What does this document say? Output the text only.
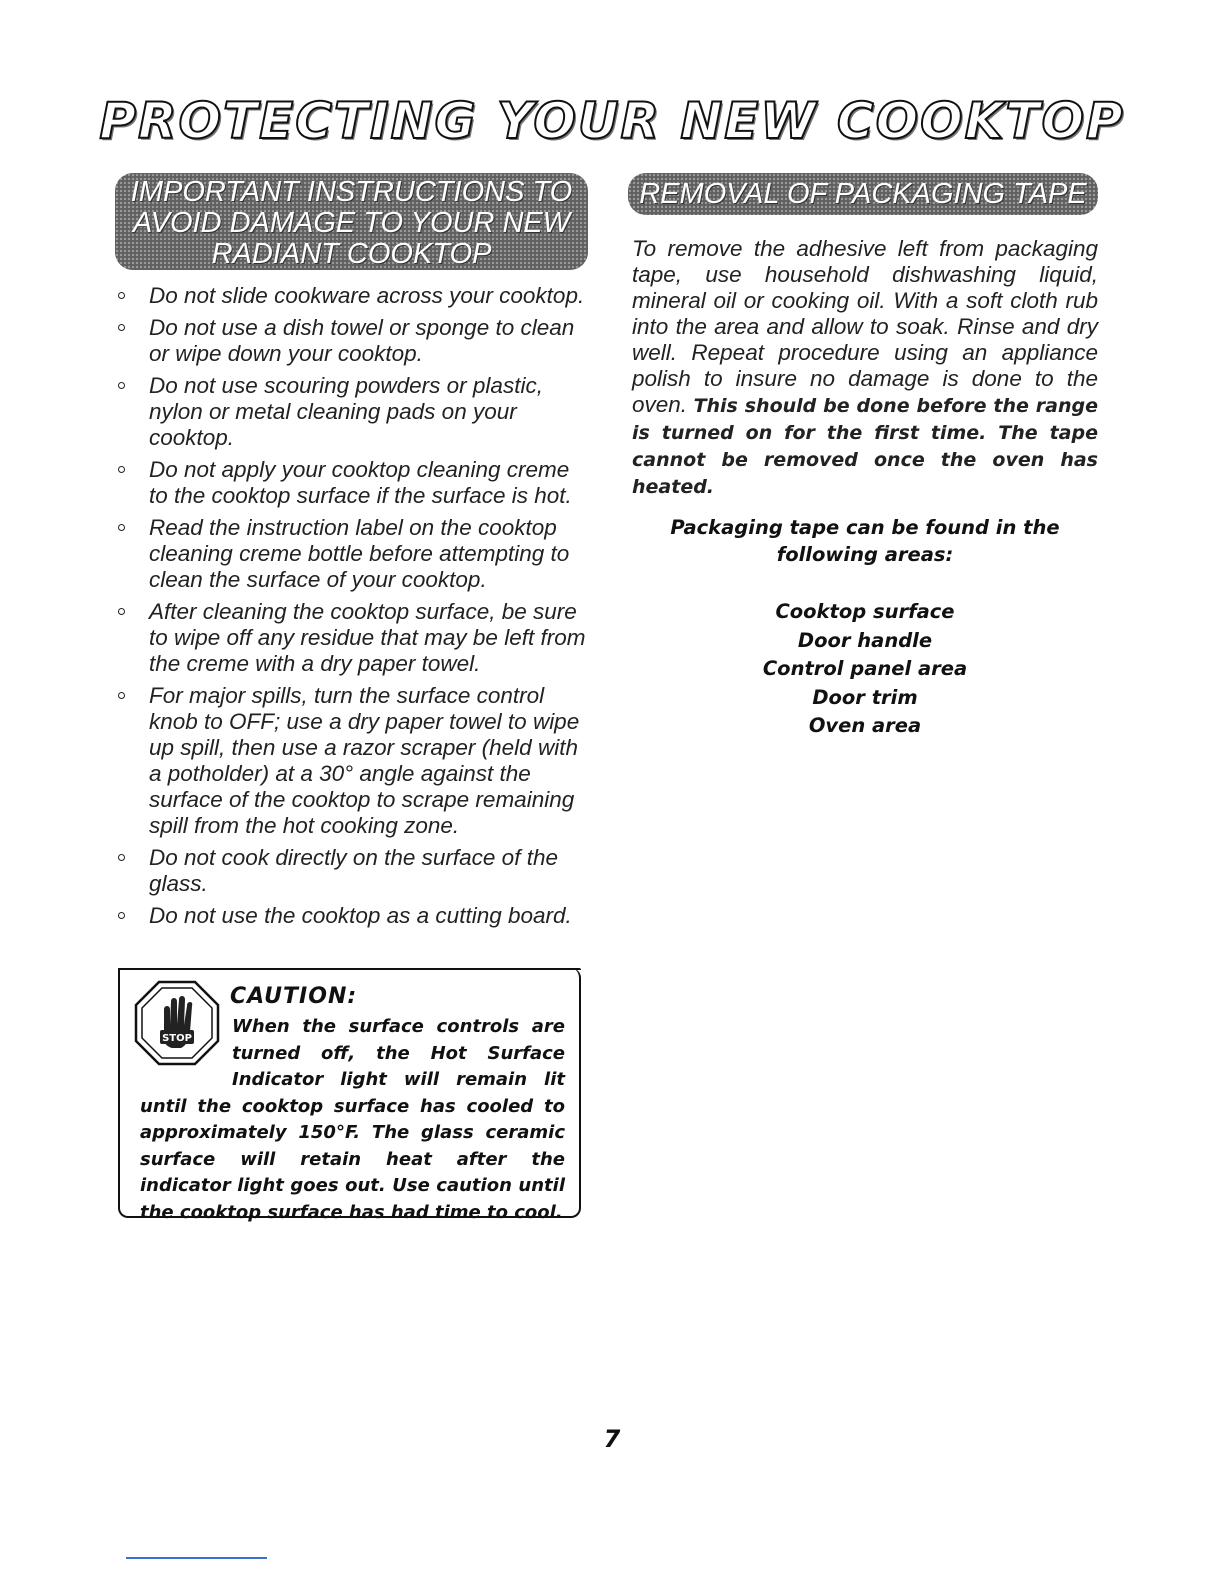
PROTECTING YOUR NEW COOKTOP
IMPORTANT INSTRUCTIONS TO
AVOID DAMAGE TO YOUR NEW
RADIANT COOKTOP
Do not slide cookware across your cooktop.
Do not use a dish towel or sponge to clean or wipe down your cooktop.
Do not use scouring powders or plastic, nylon or metal cleaning pads on your cooktop.
Do not apply your cooktop cleaning creme to the cooktop surface if the surface is hot.
Read the instruction label on the cooktop cleaning creme bottle before attempting to clean the surface of your cooktop.
After cleaning the cooktop surface, be sure to wipe off any residue that may be left from the creme with a dry paper towel.
For major spills, turn the surface control knob to OFF; use a dry paper towel to wipe up spill, then use a razor scraper (held with a potholder) at a 30° angle against the surface of the cooktop to scrape remaining spill from the hot cooking zone.
Do not cook directly on the surface of the glass.
Do not use the cooktop as a cutting board.
REMOVAL OF PACKAGING TAPE

To remove the adhesive left from packaging tape, use household dishwashing liquid, mineral oil or cooking oil. With a soft cloth rub into the area and allow to soak. Rinse and dry well. Repeat procedure using an appliance polish to insure no damage is done to the oven. This should be done before the range is turned on for the first time. The tape cannot be removed once the oven has heated.

Packaging tape can be found in the following areas:

Cooktop surface
Door handle
Control panel area
Door trim
Oven area
STOP
CAUTION:

When the surface controls are turned off, the Hot Surface Indicator light will remain lit until the cooktop surface has cooled to approximately 150°F. The glass ceramic surface will retain heat after the indicator light goes out. Use caution until the cooktop surface has had time to cool.

7
